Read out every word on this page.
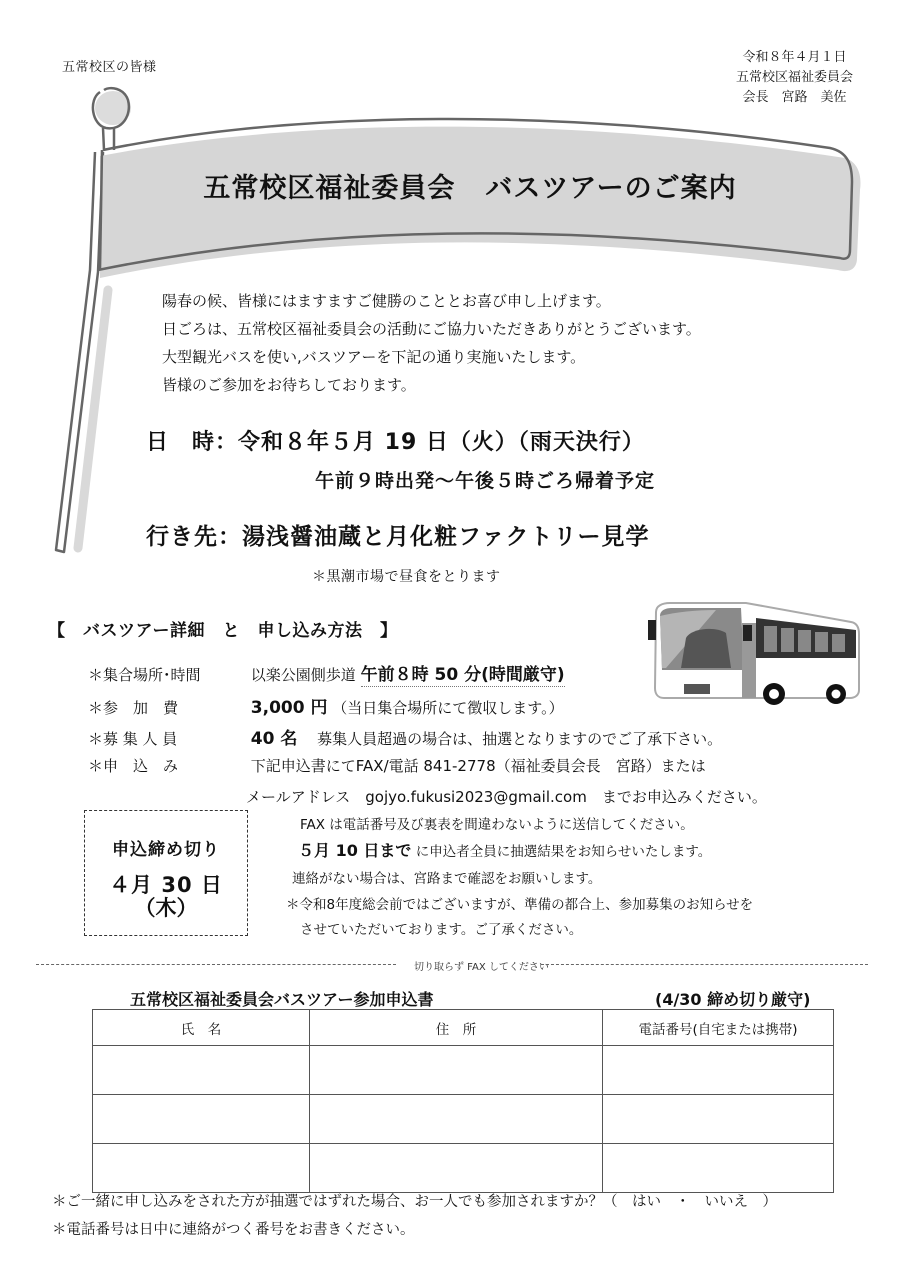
五常校区の皆様
令和８年４月１日
五常校区福祉委員会
会長　宮路　美佐
五常校区福祉委員会 バスツアーのご案内
陽春の候、皆様にはますますご健勝のこととお喜び申し上げます。
日ごろは、五常校区福祉委員会の活動にご協力いただきありがとうございます。
大型観光バスを使い,バスツアーを下記の通り実施いたします。
皆様のご参加をお待ちしております。
日　時：令和８年５月 19 日（火）（雨天決行）
午前９時出発～午後５時ごろ帰着予定
行き先：湯浅醤油蔵と月化粧ファクトリー見学
＊黒潮市場で昼食をとります
【　バスツアー詳細　と　申し込み方法　】
＊集合場所･時間	以楽公園側歩道 午前８時 50 分(時間厳守)
＊参　加　費	3,000 円 （当日集合場所にて徴収します。）
＊募 集 人 員	40 名 　募集人員超過の場合は、抽選となりますのでご了承下さい。
＊申　込　み	下記申込書にてFAX/電話 841-2778（福祉委員会長　宮路）または
メールアドレス　gojyo.fukusi2023@gmail.com　までお申込みください。
申込締め切り
４月 30 日
（木）
FAX は電話番号及び裏表を間違わないように送信してください。
５月 10 日まで に申込者全員に抽選結果をお知らせいたします。
連絡がない場合は、宮路まで確認をお願いします。
＊令和8年度総会前ではございますが、準備の都合上、参加募集のお知らせを
させていただいております。ご了承ください。
切り取らず FAX してください
五常校区福祉委員会バスツアー参加申込書	(4/30 締め切り厳守)
氏　名	住　所	電話番号(自宅または携帯)

＊ご一緒に申し込みをされた方が抽選ではずれた場合、お一人でも参加されますか？（　はい　・　いいえ　）
＊電話番号は日中に連絡がつく番号をお書きください。
